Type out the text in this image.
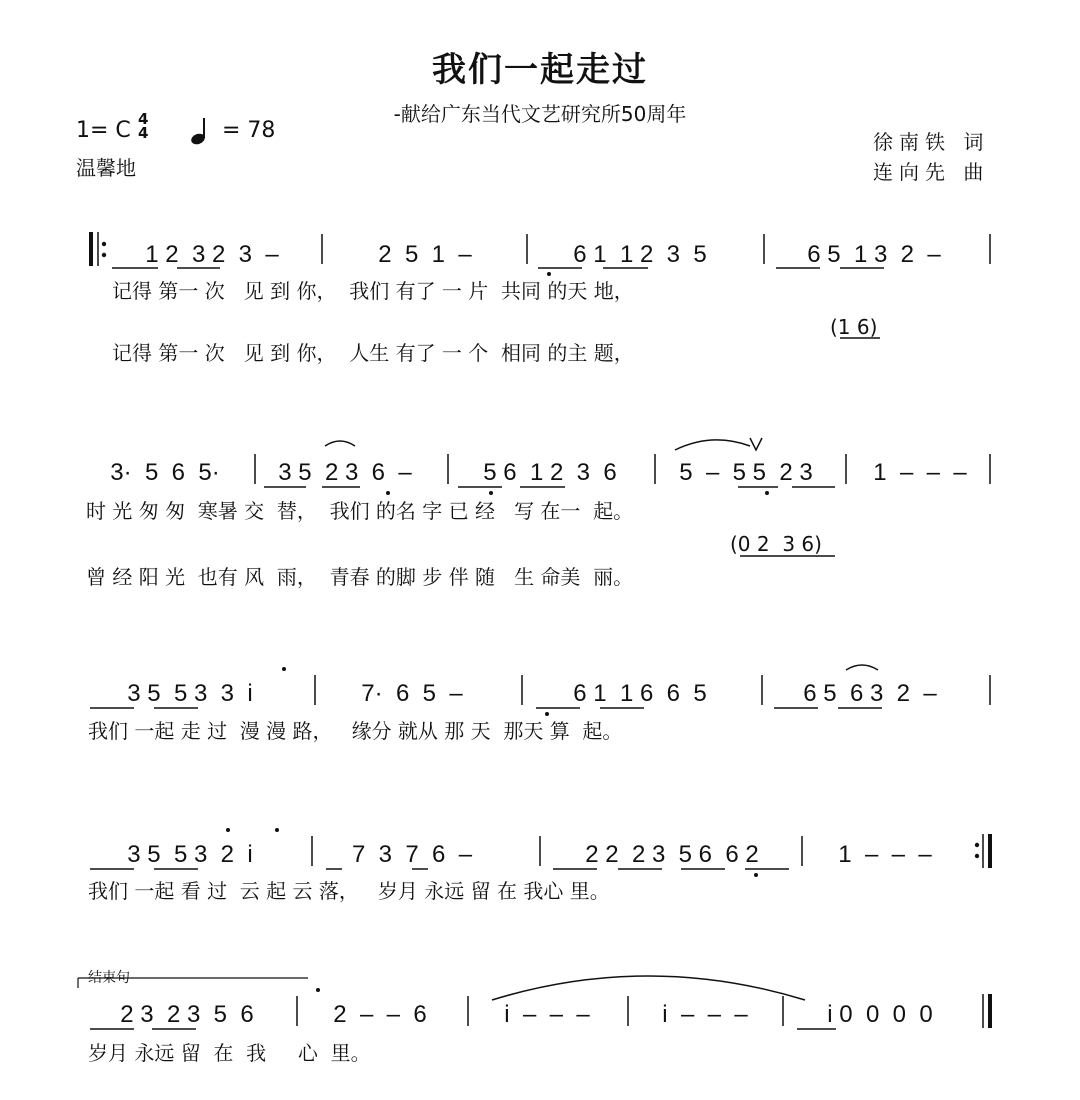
我们一起走过
-献给广东当代文艺研究所50周年
1= C 4
4	= 78
温馨地
徐南铁 词
连向先 曲
1 2  3 2  3  –	2  5  1  –	6 1  1 2  3  5	6 5  1 3  2  –
记得 第一 次   见 到 你，  我们 有了 一 片  共同 的天 地，
(1 6)
记得 第一 次   见 到 你，  人生 有了 一 个  相同 的主 题，
3·  5  6  5· 3 5  2 3  6  –	5 6  1 2  3  6	5  –  5 5  2 3	1  –  –  –
时 光 匆 匆  寒暑 交  替，  我们 的名 字 已 经   写 在一  起。
(0 2  3 6)
曾 经 阳 光  也有 风  雨，  青春 的脚 步 伴 随   生 命美  丽。
3 5  5 3  3  i	7·  6  5  –	6 1  1 6  6  5	6 5  6 3  2  –
我们 一起 走 过  漫 漫 路，   缘分 就从 那 天  那天 算  起。
3 5  5 3  2  i	7  3  7  6  –	2 2  2 3  5 6  6 2	1  –  –  –
我们 一起 看 过  云 起 云 落，   岁月 永远 留 在 我心 里。
结束句
2 3  2 3  5  6	2  –  –  6	i  –  –  –	i  –  –  –	i 0  0  0  0
岁月 永远 留  在  我     心  里。
